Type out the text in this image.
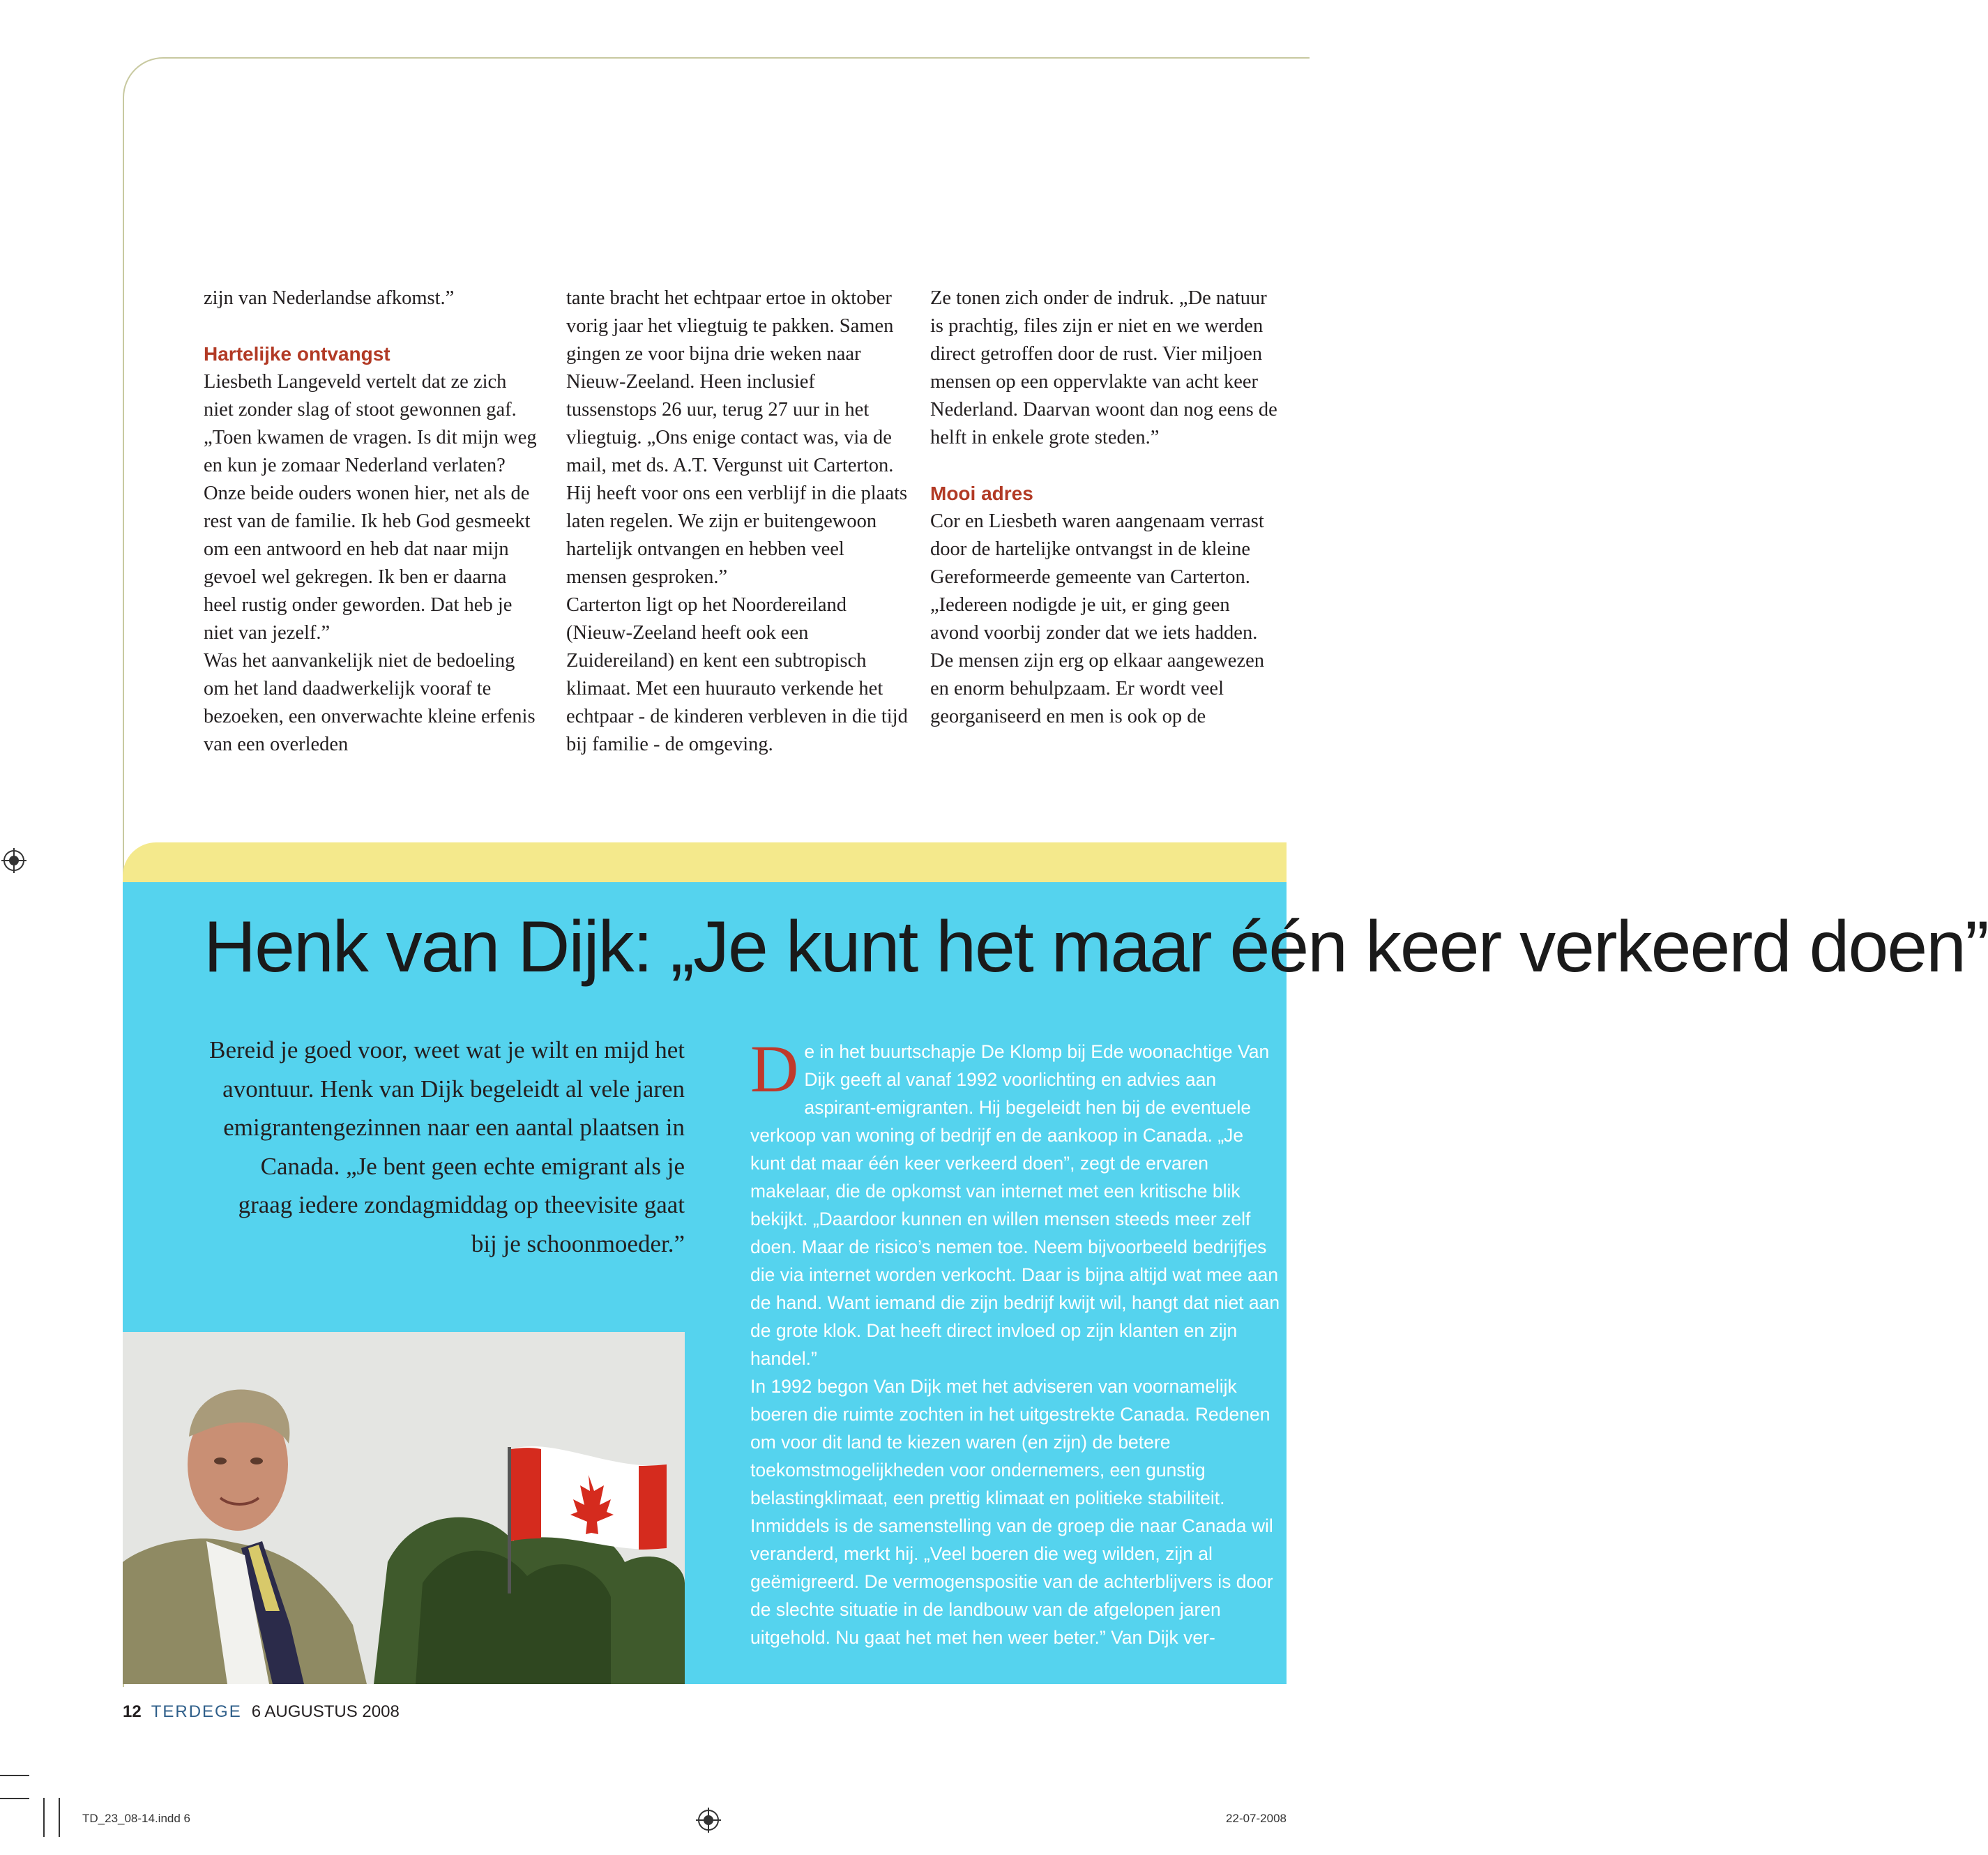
zijn van Nederlandse afkomst.”

Hartelijke ontvangst

Liesbeth Langeveld vertelt dat ze zich niet zonder slag of stoot gewonnen gaf. „Toen kwamen de vragen. Is dit mijn weg en kun je zomaar Nederland verlaten? Onze beide ouders wonen hier, net als de rest van de familie. Ik heb God gesmeekt om een antwoord en heb dat naar mijn gevoel wel gekregen. Ik ben er daarna heel rustig onder geworden. Dat heb je niet van jezelf.”

Was het aanvankelijk niet de bedoeling om het land daadwerkelijk vooraf te bezoeken, een onverwachte kleine erfenis van een overleden

tante bracht het echtpaar ertoe in oktober vorig jaar het vliegtuig te pakken. Samen gingen ze voor bijna drie weken naar Nieuw-Zeeland. Heen inclusief tussenstops 26 uur, terug 27 uur in het vliegtuig. „Ons enige contact was, via de mail, met ds. A.T. Vergunst uit Carterton. Hij heeft voor ons een verblijf in die plaats laten regelen. We zijn er buitengewoon hartelijk ontvangen en hebben veel mensen gesproken.”

Carterton ligt op het Noordereiland (Nieuw-Zeeland heeft ook een Zuidereiland) en kent een subtropisch klimaat. Met een huurauto verkende het echtpaar - de kinderen verbleven in die tijd bij familie - de omgeving.

Ze tonen zich onder de indruk. „De natuur is prachtig, files zijn er niet en we werden direct getroffen door de rust. Vier miljoen mensen op een oppervlakte van acht keer Nederland. Daarvan woont dan nog eens de helft in enkele grote steden.”

Mooi adres

Cor en Liesbeth waren aangenaam verrast door de hartelijke ontvangst in de kleine Gereformeerde gemeente van Carterton. „Iedereen nodigde je uit, er ging geen avond voorbij zonder dat we iets hadden. De mensen zijn erg op elkaar aangewezen en enorm behulpzaam. Er wordt veel georganiseerd en men is ook op de

Henk van Dijk: „Je kunt het maar één keer verkeerd doen”
Bereid je goed voor, weet wat je wilt en mijd het avontuur. Henk van Dijk begeleidt al vele jaren emigrantengezinnen naar een aantal plaatsen in Canada. „Je bent geen echte emigrant als je graag iedere zondagmiddag op theevisite gaat bij je schoonmoeder.”

De in het buurtschapje De Klomp bij Ede woonachtige Van Dijk geeft al vanaf 1992 voorlichting en advies aan aspirant-emigranten. Hij begeleidt hen bij de eventuele verkoop van woning of bedrijf en de aankoop in Canada. „Je kunt dat maar één keer verkeerd doen”, zegt de ervaren makelaar, die de opkomst van internet met een kritische blik bekijkt. „Daardoor kunnen en willen mensen steeds meer zelf doen. Maar de risico’s nemen toe. Neem bijvoorbeeld bedrijfjes die via internet worden verkocht. Daar is bijna altijd wat mee aan de hand. Want iemand die zijn bedrijf kwijt wil, hangt dat niet aan de grote klok. Dat heeft direct invloed op zijn klanten en zijn handel.”

In 1992 begon Van Dijk met het adviseren van voornamelijk boeren die ruimte zochten in het uitgestrekte Canada. Redenen om voor dit land te kiezen waren (en zijn) de betere toekomstmogelijkheden voor ondernemers, een gunstig belastingklimaat, een prettig klimaat en politieke stabiliteit. Inmiddels is de samenstelling van de groep die naar Canada wil veranderd, merkt hij. „Veel boeren die weg wilden, zijn al geëmigreerd. De vermogenspositie van de achterblijvers is door de slechte situatie in de landbouw van de afgelopen jaren uitgehold. Nu gaat het met hen weer beter.” Van Dijk ver-

12 TERDEGE 6 AUGUSTUS 2008
TD_23_08-14.indd 6	22-07-2008
